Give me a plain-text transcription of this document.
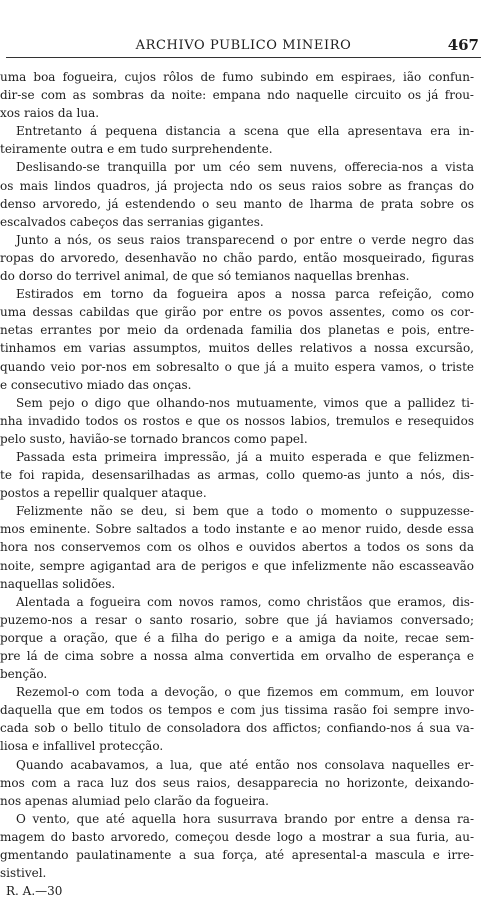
ARCHIVO PUBLICO MINEIRO	467
uma boa fogueira, cujos rôlos de fumo subindo em espiraes, ião confun-
dir-se com as sombras da noite: empana ndo naquelle circuito os já frou-
xos raios da lua.
Entretanto á pequena distancia a scena que ella apresentava era in-
teiramente outra e em tudo surprehendente.
Deslisando-se tranquilla por um céo sem nuvens, offerecia-nos a vista
os mais lindos quadros, já projecta ndo os seus raios sobre as franças do
denso arvoredo, já estendendo o seu manto de lharma de prata sobre os
escalvados cabeços das serranias gigantes.
Junto a nós, os seus raios transparecend o por entre o verde negro das
ropas do arvoredo, desenhavão no chão pardo, então mosqueirado, figuras
do dorso do terrivel animal, de que só temianos naquellas brenhas.
Estirados em torno da fogueira apos a nossa parca refeição, como
uma dessas cabildas que girão por entre os povos assentes, como os cor-
netas errantes por meio da ordenada familia dos planetas e pois, entre-
tinhamos em varias assumptos, muitos delles relativos a nossa excursão,
quando veio por-nos em sobresalto o que já a muito espera vamos, o triste
e consecutivo miado das onças.
Sem pejo o digo que olhando-nos mutuamente, vimos que a pallidez ti-
nha invadido todos os rostos e que os nossos labios, tremulos e resequidos
pelo susto, havião-se tornado brancos como papel.
Passada esta primeira impressão, já a muito esperada e que felizmen-
te foi rapida, desensarilhadas as armas, collo quemo-as junto a nós, dis-
postos a repellir qualquer ataque.
Felizmente não se deu, si bem que a todo o momento o suppuzesse-
mos eminente. Sobre saltados a todo instante e ao menor ruido, desde essa
hora nos conservemos com os olhos e ouvidos abertos a todos os sons da
noite, sempre agigantad ara de perigos e que infelizmente não escasseavão
naquellas solidões.
Alentada a fogueira com novos ramos, como christãos que eramos, dis-
puzemo-nos a resar o santo rosario, sobre que já haviamos conversado;
porque a oração, que é a filha do perigo e a amiga da noite, recae sem-
pre lá de cima sobre a nossa alma convertida em orvalho de esperança e
benção.
Rezemol-o com toda a devoção, o que fizemos em commum, em louvor
daquella que em todos os tempos e com jus tissima rasão foi sempre invo-
cada sob o bello titulo de consoladora dos affictos; confiando-nos á sua va-
liosa e infallivel protecção.
Quando acabavamos, a lua, que até então nos consolava naquelles er-
mos com a raca luz dos seus raios, desapparecia no horizonte, deixando-
nos apenas alumiad pelo clarão da fogueira.
O vento, que até aquella hora susurrava brando por entre a densa ra-
magem do basto arvoredo, começou desde logo a mostrar a sua furia, au-
gmentando paulatinamente a sua força, até apresental-a mascula e irre-
sistivel.
R. A.—30
